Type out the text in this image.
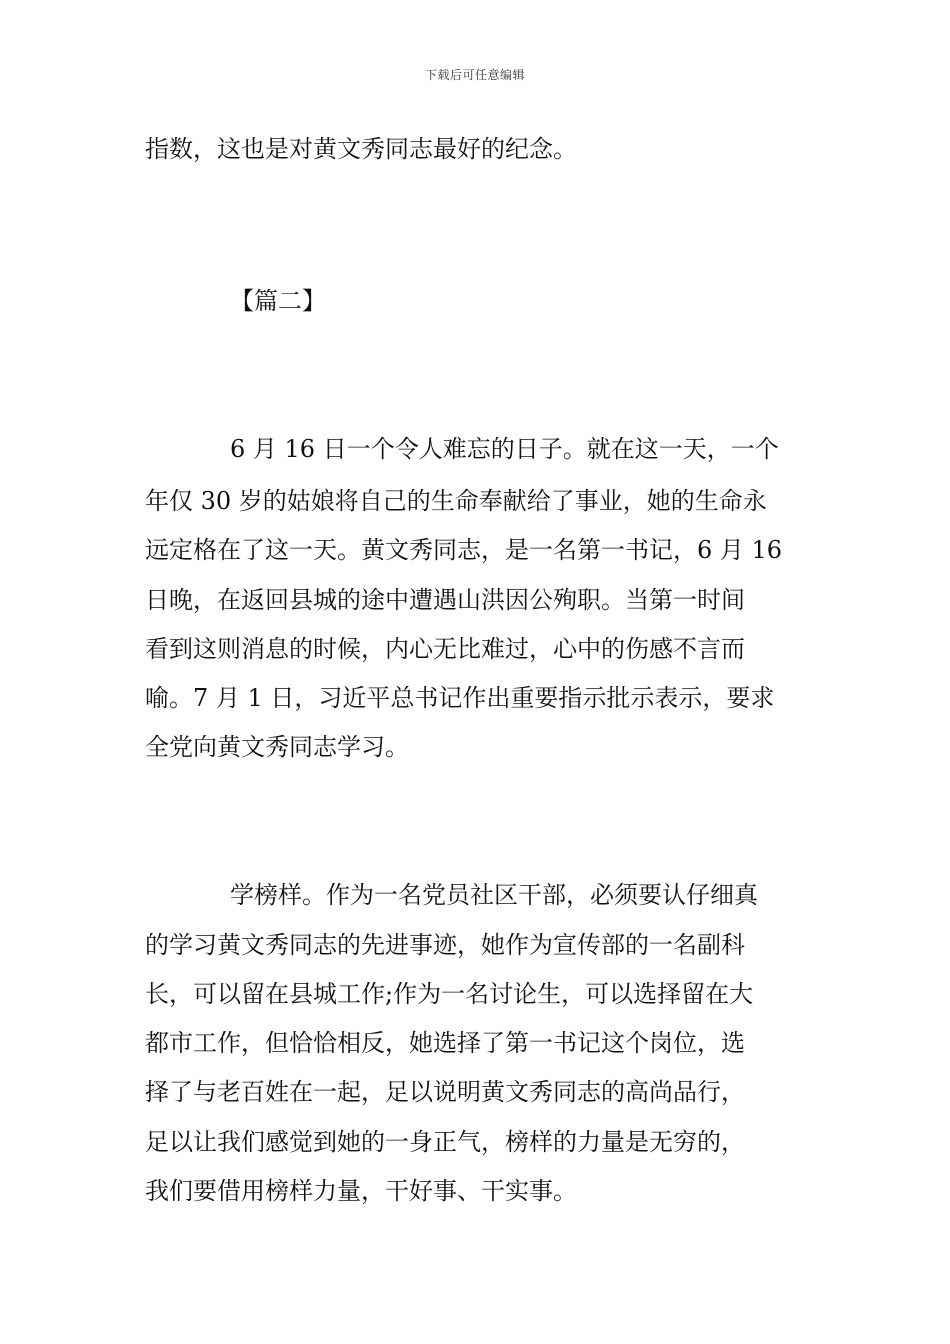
下载后可任意编辑
指数，这也是对黄文秀同志最好的纪念。
【篇二】
6 月 16 日一个令人难忘的日子。就在这一天，一个
年仅 30 岁的姑娘将自己的生命奉献给了事业，她的生命永
远定格在了这一天。黄文秀同志，是一名第一书记，6 月 16
日晚，在返回县城的途中遭遇山洪因公殉职。当第一时间
看到这则消息的时候，内心无比难过，心中的伤感不言而
喻。7 月 1 日，习近平总书记作出重要指示批示表示，要求
全党向黄文秀同志学习。
学榜样。作为一名党员社区干部，必须要认仔细真
的学习黄文秀同志的先进事迹，她作为宣传部的一名副科
长，可以留在县城工作;作为一名讨论生，可以选择留在大
都市工作，但恰恰相反，她选择了第一书记这个岗位，选
择了与老百姓在一起，足以说明黄文秀同志的高尚品行，
足以让我们感觉到她的一身正气，榜样的力量是无穷的，
我们要借用榜样力量，干好事、干实事。
